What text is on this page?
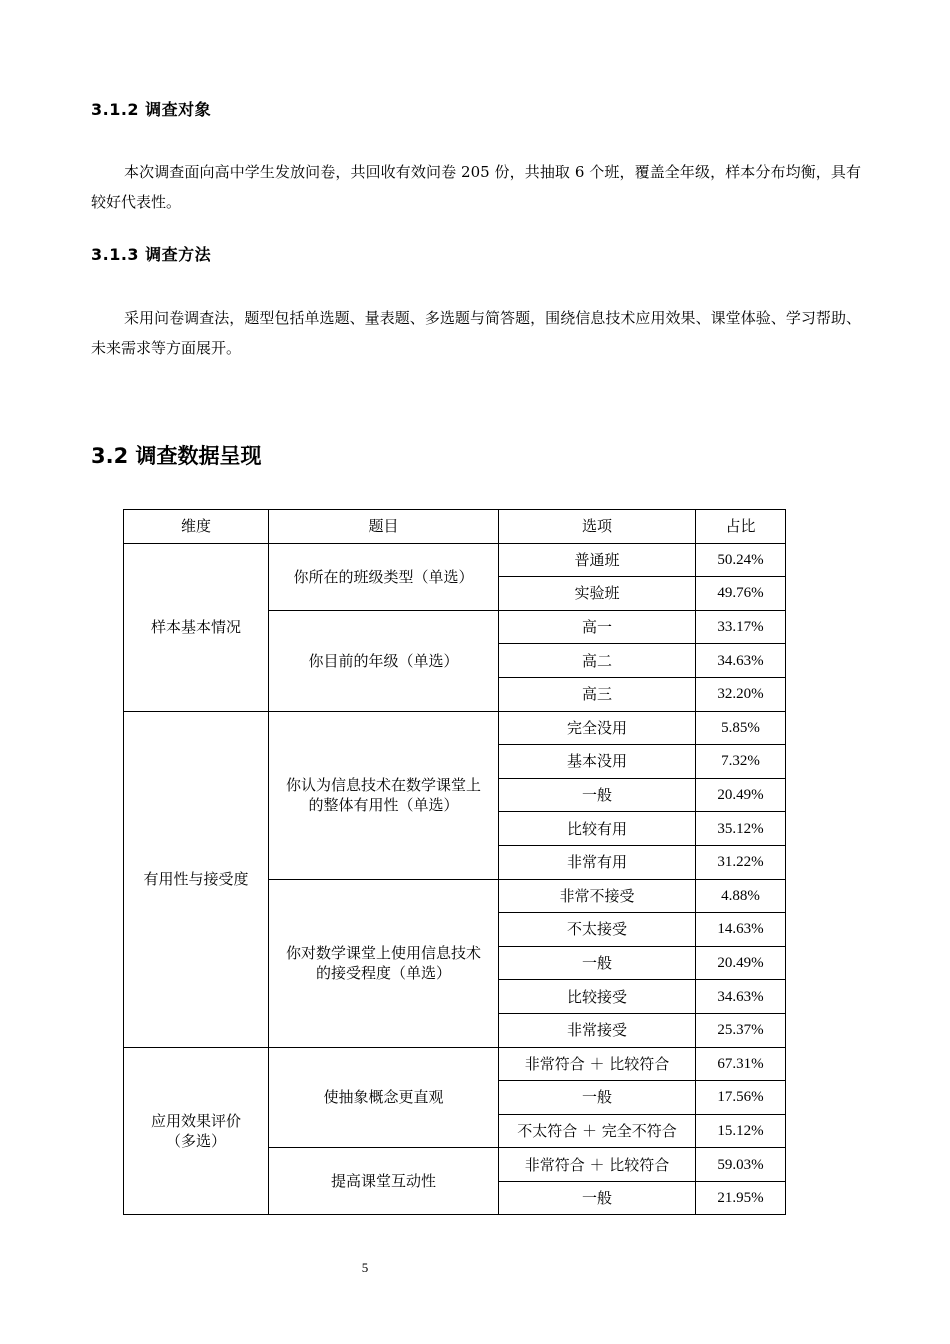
3.1.2 调查对象
本次调查面向高中学生发放问卷，共回收有效问卷 205 份，共抽取 6 个班，覆盖全年级，样本分布均衡，具有较好代表性。
3.1.3 调查方法
采用问卷调查法，题型包括单选题、量表题、多选题与简答题，围绕信息技术应用效果、课堂体验、学习帮助、未来需求等方面展开。
3.2 调查数据呈现
维度	题目	选项	占比
样本基本情况	你所在的班级类型（单选）	普通班	50.24%
		实验班	49.76%
	你目前的年级（单选）	高一	33.17%
		高二	34.63%
		高三	32.20%
有用性与接受度	你认为信息技术在数学课堂上的整体有用性（单选）	完全没用	5.85%
		基本没用	7.32%
		一般	20.49%
		比较有用	35.12%
		非常有用	31.22%
	你对数学课堂上使用信息技术的接受程度（单选）	非常不接受	4.88%
		不太接受	14.63%
		一般	20.49%
		比较接受	34.63%
		非常接受	25.37%
应用效果评价（多选）	使抽象概念更直观	非常符合 ＋ 比较符合	67.31%
		一般	17.56%
		不太符合 ＋ 完全不符合	15.12%
	提高课堂互动性	非常符合 ＋ 比较符合	59.03%
		一般	21.95%
5
